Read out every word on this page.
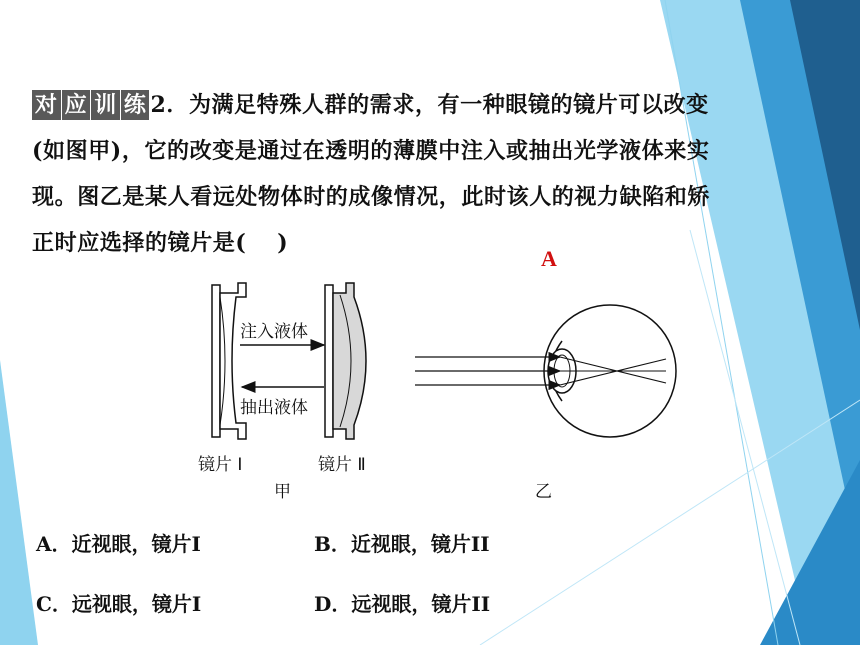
对 应 训 练 2．为满足特殊人群的需求，有一种眼镜的镜片可以改变
(如图甲)，它的改变是通过在透明的薄膜中注入或抽出光学液体来实
现。图乙是某人看远处物体时的成像情况，此时该人的视力缺陷和矫
正时应选择的镜片是(　 )
A
注入液体
抽出液体
镜片 Ⅰ	镜片 Ⅱ
甲	乙
A．近视眼，镜片I	B．近视眼，镜片II
C．远视眼，镜片I	D．远视眼，镜片II
